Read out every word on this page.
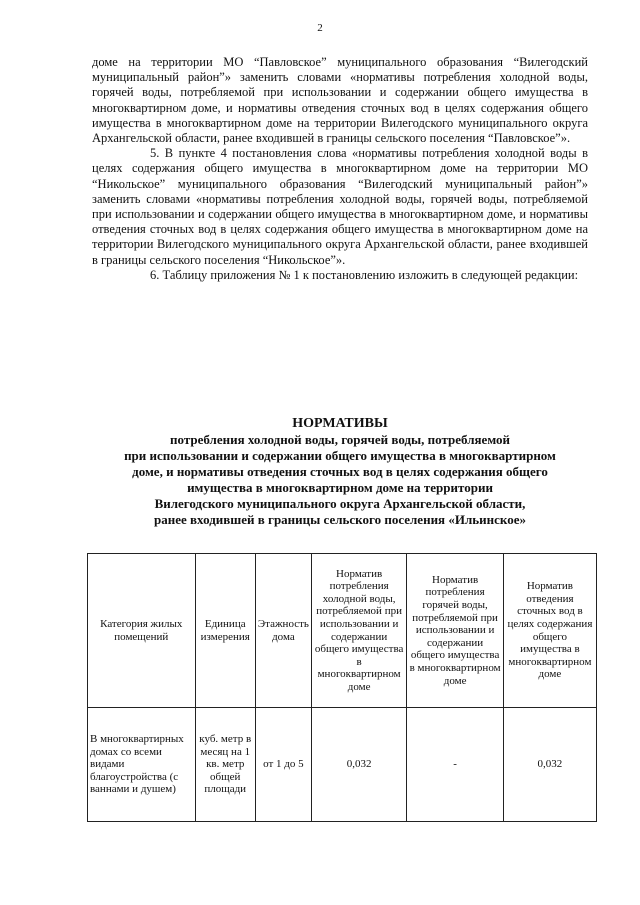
2

доме на территории МО “Павловское” муниципального образования “Вилегодский муниципальный район”» заменить словами «нормативы потребления холодной воды, горячей воды, потребляемой при использовании и содержании общего имущества в многоквартирном доме, и нормативы отведения сточных вод в целях содержания общего имущества в многоквартирном доме на территории Вилегодского муниципального округа Архангельской области, ранее входившей в границы сельского поселения “Павловское”».

5. В пункте 4 постановления слова «нормативы потребления холодной воды в целях содержания общего имущества в многоквартирном доме на территории МО “Никольское” муниципального образования “Вилегодский муниципальный район”» заменить словами «нормативы потребления холодной воды, горячей воды, потребляемой при использовании и содержании общего имущества в многоквартирном доме, и нормативы отведения сточных вод в целях содержания общего имущества в многоквартирном доме на территории Вилегодского муниципального округа Архангельской области, ранее входившей в границы сельского поселения “Никольское”».

6. Таблицу приложения № 1 к постановлению изложить в следующей редакции:

НОРМАТИВЫ
потребления холодной воды, горячей воды, потребляемой
при использовании и содержании общего имущества в многоквартирном
доме, и нормативы отведения сточных вод в целях содержания общего
имущества в многоквартирном доме на территории
Вилегодского муниципального округа Архангельской области,
ранее входившей в границы сельского поселения «Ильинское»
Категория жилых помещений	Единица измерения	Этажность дома	Норматив потребления холодной воды, потребляемой при использовании и содержании общего имущества в многоквартирном доме	Норматив потребления горячей воды, потребляемой при использовании и содержании общего имущества в многоквартирном доме	Норматив отведения сточных вод в целях содержания общего имущества в многоквартирном доме
В многоквартирных домах со всеми видами благоустройства (с ваннами и душем)	куб. метр в месяц на 1 кв. метр общей площади	от 1 до 5	0,032	-	0,032
